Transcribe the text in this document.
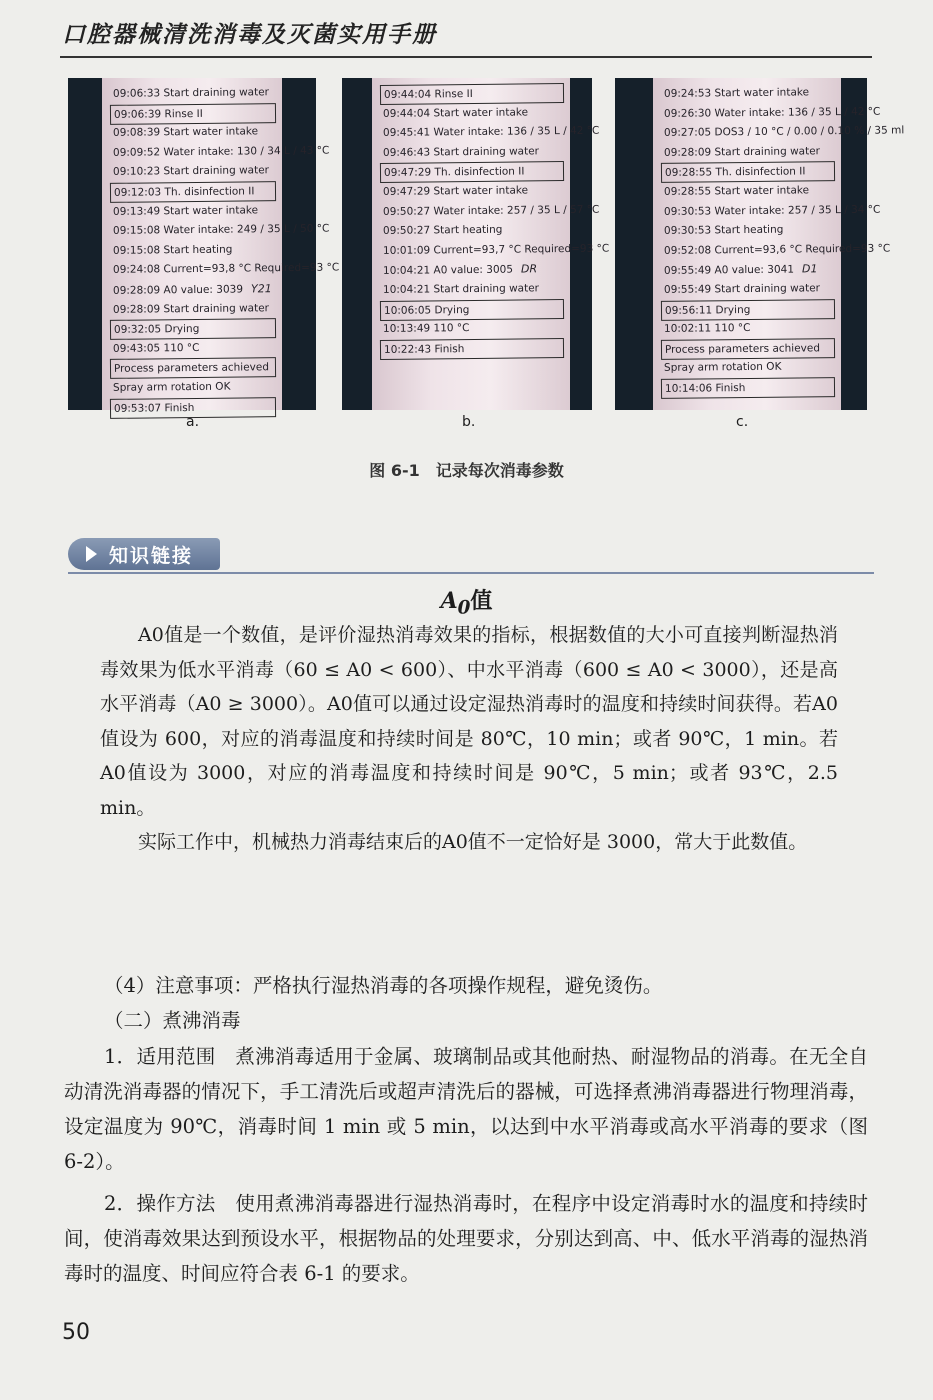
口腔器械清洗消毒及灭菌实用手册
09:06:33 Start draining water
09:06:39 Rinse II
09:08:39 Start water intake
09:09:52 Water intake: 130 / 34 L / 43 °C
09:10:23 Start draining water
09:12:03 Th. disinfection II
09:13:49 Start water intake
09:15:08 Water intake: 249 / 35 L / 50 °C
09:15:08 Start heating
09:24:08 Current=93,8 °C Required=93 °C
09:28:09 A0 value: 3039 Y21
09:28:09 Start draining water
09:32:05 Drying
09:43:05 110 °C
Process parameters achieved
Spray arm rotation OK
09:53:07 Finish
09:44:04 Rinse II
09:44:04 Start water intake
09:45:41 Water intake: 136 / 35 L / 42 °C
09:46:43 Start draining water
09:47:29 Th. disinfection II
09:47:29 Start water intake
09:50:27 Water intake: 257 / 35 L / 57 °C
09:50:27 Start heating
10:01:09 Current=93,7 °C Required=93 °C
10:04:21 A0 value: 3005 DR
10:04:21 Start draining water
10:06:05 Drying
10:13:49 110 °C
10:22:43 Finish
09:24:53 Start water intake
09:26:30 Water intake: 136 / 35 L / 42 °C
09:27:05 DOS3 / 10 °C / 0.00 / 0.10 % / 35 ml
09:28:09 Start draining water
09:28:55 Th. disinfection II
09:28:55 Start water intake
09:30:53 Water intake: 257 / 35 L / 34 °C
09:30:53 Start heating
09:52:08 Current=93,6 °C Required=93 °C
09:55:49 A0 value: 3041 D1
09:55:49 Start draining water
09:56:11 Drying
10:02:11 110 °C
Process parameters achieved
Spray arm rotation OK
10:14:06 Finish
a.	b.	c.
图 6-1 记录每次消毒参数
知识链接
$A_0$值
A0值是一个数值，是评价湿热消毒效果的指标，根据数值的大小可直接判断湿热消毒效果为低水平消毒（60 ≤ A0 < 600）、中水平消毒（600 ≤ A0 < 3000），还是高水平消毒（A0 ≥ 3000）。A0值可以通过设定湿热消毒时的温度和持续时间获得。若A0值设为 600，对应的消毒温度和持续时间是 80℃，10 min；或者 90℃，1 min。若A0值设为 3000，对应的消毒温度和持续时间是 90℃，5 min；或者 93℃，2.5 min。
实际工作中，机械热力消毒结束后的A0值不一定恰好是 3000，常大于此数值。
（4）注意事项：严格执行湿热消毒的各项操作规程，避免烫伤。
（二）煮沸消毒
1．适用范围　煮沸消毒适用于金属、玻璃制品或其他耐热、耐湿物品的消毒。在无全自动清洗消毒器的情况下，手工清洗后或超声清洗后的器械，可选择煮沸消毒器进行物理消毒，设定温度为 90℃，消毒时间 1 min 或 5 min，以达到中水平消毒或高水平消毒的要求（图 6-2）。
2．操作方法　使用煮沸消毒器进行湿热消毒时，在程序中设定消毒时水的温度和持续时间，使消毒效果达到预设水平，根据物品的处理要求，分别达到高、中、低水平消毒的湿热消毒时的温度、时间应符合表 6-1 的要求。
50
